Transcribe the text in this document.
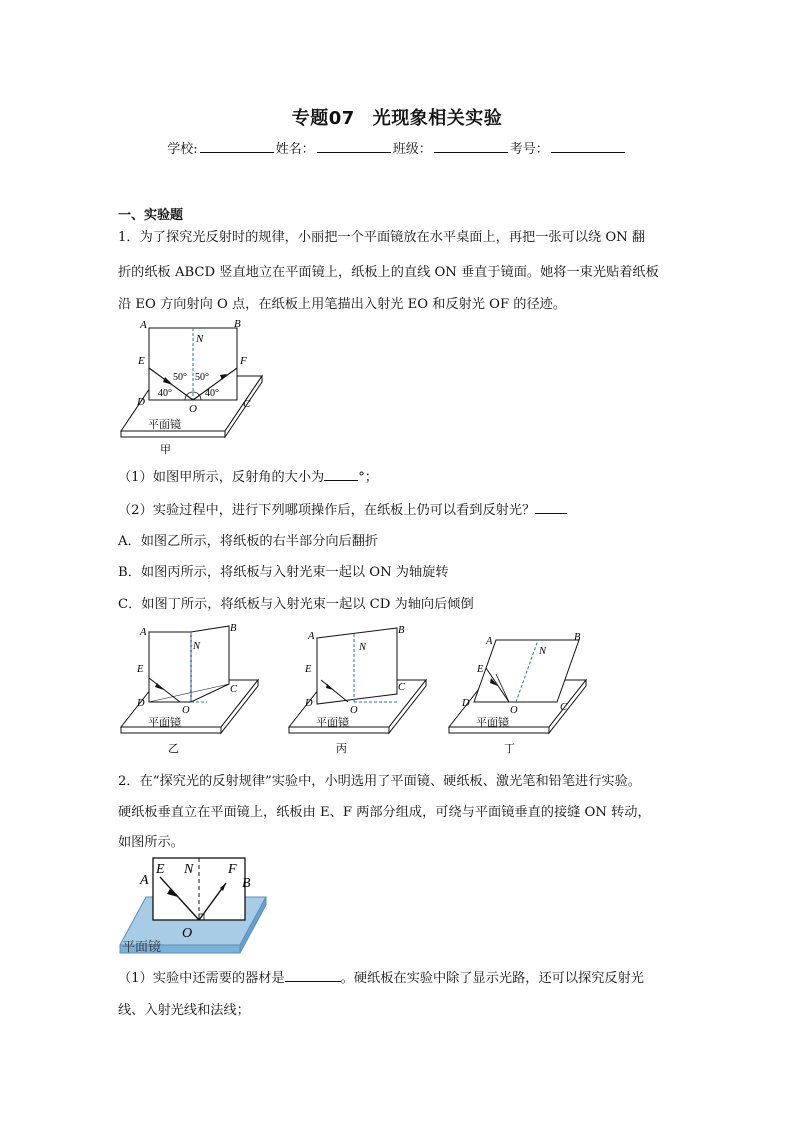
专题07 光现象相关实验
学校:	姓名：	班级：	考号：
一、实验题
1．为了探究光反射时的规律，小丽把一个平面镜放在水平桌面上，再把一张可以绕 ON 翻
折的纸板 ABCD 竖直地立在平面镜上，纸板上的直线 ON 垂直于镜面。她将一束光贴着纸板
沿 EO 方向射向 O 点，在纸板上用笔描出入射光 EO 和反射光 OF 的径迹。
A	B
N
E	F
50° 50°
40°	40°
O
D	C
平面镜
甲
（1）如图甲所示，反射角的大小为	°；
（2）实验过程中，进行下列哪项操作后，在纸板上仍可以看到反射光？
A．如图乙所示，将纸板的右半部分向后翻折
B．如图丙所示，将纸板与入射光束一起以 ON 为轴旋转
C．如图丁所示，将纸板与入射光束一起以 CD 为轴向后倾倒
A	B
N
E
D
C
O
平面镜
乙
A
B
N
E
D
C
O
平面镜
丙
A	B
N
E
D	C
O
平面镜
丁
2．在“探究光的反射规律”实验中，小明选用了平面镜、硬纸板、激光笔和铅笔进行实验。
硬纸板垂直立在平面镜上，纸板由 E、F 两部分组成，可绕与平面镜垂直的接缝 ON 转动，
如图所示。
A	B
E N F
O
平面镜
（1）实验中还需要的器材是	。硬纸板在实验中除了显示光路，还可以探究反射光
线、入射光线和法线；
